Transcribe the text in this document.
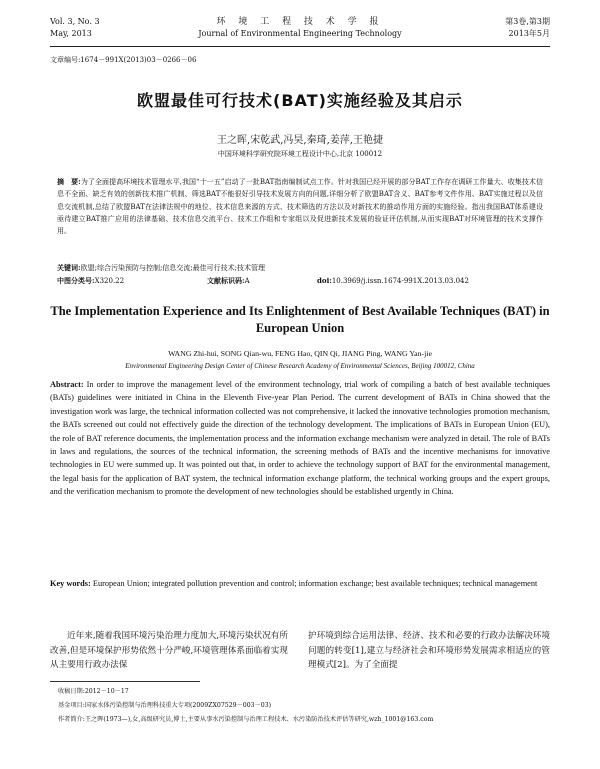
Vol. 3, No. 3
May, 2013
环 境 工 程 技 术 学 报
Journal of Environmental Engineering Technology
第3卷,第3期
2013年5月
文章编号:1674－991X(2013)03－0266－06
欧盟最佳可行技术(BAT)实施经验及其启示
王之晖,宋乾武,冯昊,秦琦,姜萍,王艳捷
中国环境科学研究院环境工程设计中心,北京 100012
摘　要:为了全面提高环境技术管理水平,我国“十一五”启动了一批BAT指南编制试点工作。针对我国已经开展的部分BAT工作存在调研工作量大、收集技术信息不全面、缺乏有效的创新技术推广机制、筛选BAT不能很好引导技术发展方向的问题,详细分析了欧盟BAT含义、BAT参考文件作用、BAT实施过程以及信息交流机制,总结了欧盟BAT在法律法规中的地位、技术信息来源的方式、技术筛选的方法以及对新技术的推动作用方面的实施经验。指出我国BAT体系建设亟待建立BAT推广应用的法律基础、技术信息交流平台、技术工作组和专家组以及促进新技术发展的验证评估机制,从而实现BAT对环境管理的技术支撑作用。
关键词:欧盟;综合污染预防与控制;信息交流;最佳可行技术;技术管理
中图分类号:X320.22	文献标识码:A	doi:10.3969/j.issn.1674-991X.2013.03.042
The Implementation Experience and Its Enlightenment of Best Available Techniques (BAT) in European Union
WANG Zhi-hui, SONG Qian-wu, FENG Hao, QIN Qi, JIANG Ping, WANG Yan-jie
Environmental Engineering Design Center of Chinese Research Academy of Environmental Sciences, Beijing 100012, China
Abstract: In order to improve the management level of the environment technology, trial work of compiling a batch of best available techniques (BATs) guidelines were initiated in China in the Eleventh Five-year Plan Period. The current development of BATs in China showed that the investigation work was large, the technical information collected was not comprehensive, it lacked the innovative technologies promotion mechanism, the BATs screened out could not effectively guide the direction of the technology development. The implications of BATs in European Union (EU), the role of BAT reference documents, the implementation process and the information exchange mechanism were analyzed in detail. The role of BATs in laws and regulations, the sources of the technical information, the screening methods of BATs and the incentive mechanisms for innovative technologies in EU were summed up. It was pointed out that, in order to achieve the technology support of BAT for the environmental management, the legal basis for the application of BAT system, the technical information exchange platform, the technical working groups and the expert groups, and the verification mechanism to promote the development of new technologies should be established urgently in China.
Key words: European Union; integrated pollution prevention and control; information exchange; best available techniques; technical management
近年来,随着我国环境污染治理力度加大,环境污染状况有所改善,但是环境保护形势依然十分严峻,环境管理体系面临着实现从主要用行政办法保
护环境到综合运用法律、经济、技术和必要的行政办法解决环境问题的转变[1],建立与经济社会和环境形势发展需求相适应的管理模式[2]。为了全面提
收稿日期:2012－10－17
基金项目:国家水体污染控制与治理科技重大专项(2009ZX07529－003－03)
作者简介:王之晖(1973—),女,高级研究员,博士,主要从事水污染控制与治理工程技术、水污染防治技术评估等研究,wzh_1001@163.com
